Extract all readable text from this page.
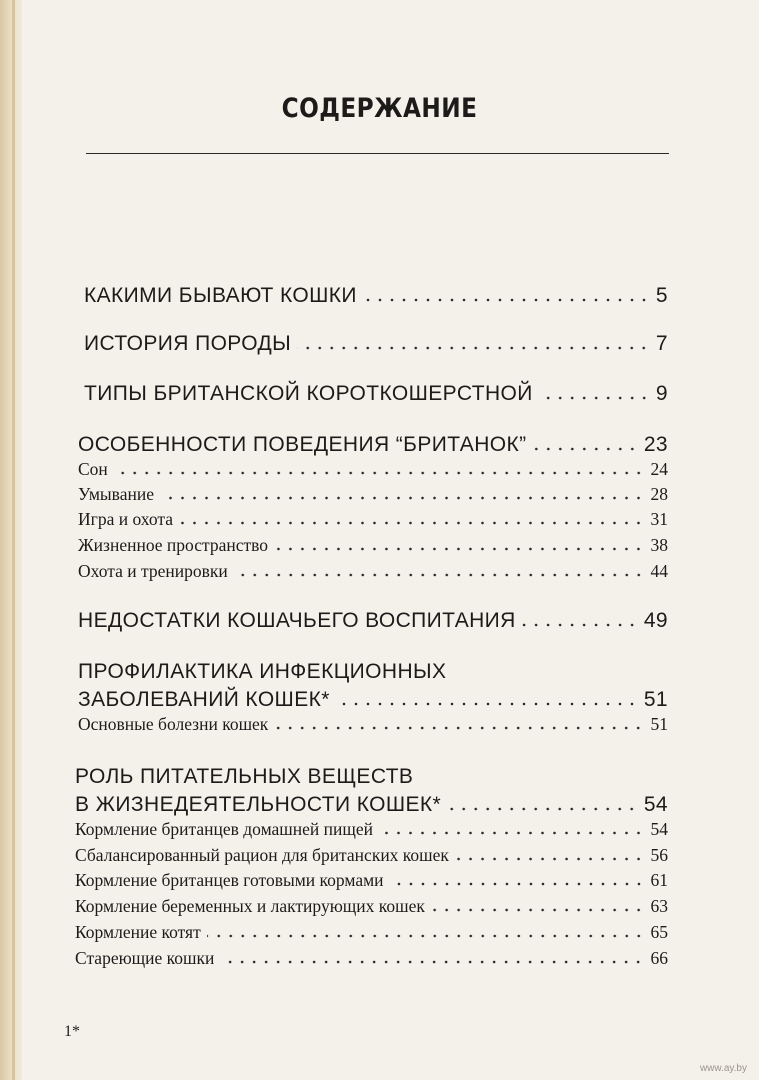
СОДЕРЖАНИЕ
КАКИМИ БЫВАЮТ КОШКИ	5
ИСТОРИЯ ПОРОДЫ	7
ТИПЫ БРИТАНСКОЙ КОРОТКОШЕРСТНОЙ	9
ОСОБЕННОСТИ ПОВЕДЕНИЯ “БРИТАНОК”	23
Сон	24
Умывание	28
Игра и охота	31
Жизненное пространство	38
Охота и тренировки	44
НЕДОСТАТКИ КОШАЧЬЕГО ВОСПИТАНИЯ	49
ПРОФИЛАКТИКА ИНФЕКЦИОННЫХ
ЗАБОЛЕВАНИЙ КОШЕК*	51
Основные болезни кошек	51
РОЛЬ ПИТАТЕЛЬНЫХ ВЕЩЕСТВ
В ЖИЗНЕДЕЯТЕЛЬНОСТИ КОШЕК*	54
Кормление британцев домашней пищей	54
Сбалансированный рацион для британских кошек	56
Кормление британцев готовыми кормами	61
Кормление беременных и лактирующих кошек	63
Кормление котят	65
Стареющие кошки	66
1*
www.ay.by
